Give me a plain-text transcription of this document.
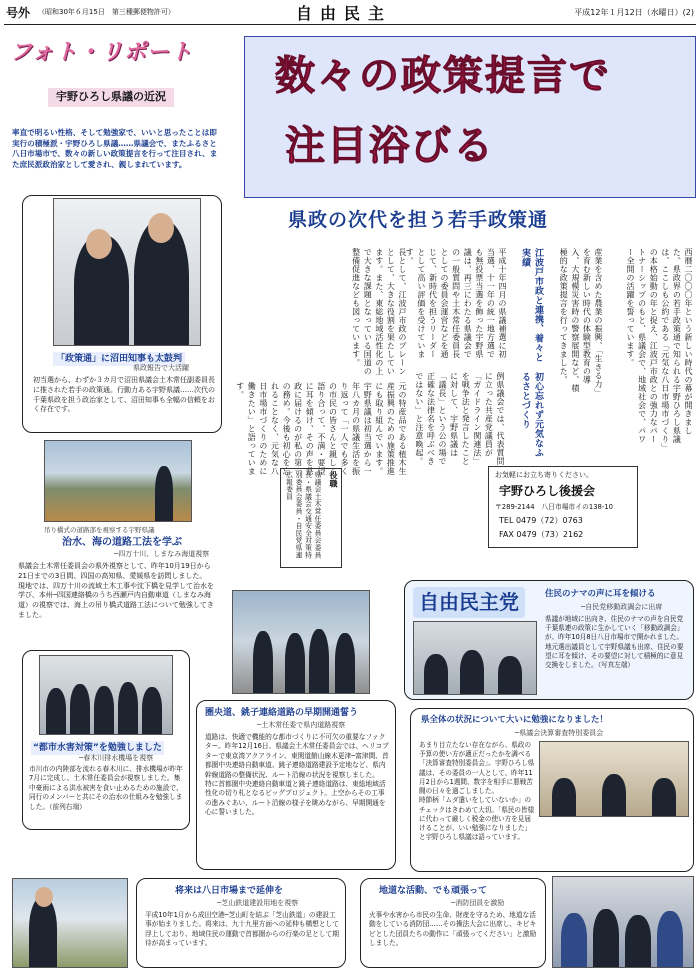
号外 （昭和30年６月15日　第三種郵便物許可）	自由民主	平成12年１月12日（水曜日）(2)
フォト・リポート
宇野ひろし県議の近況
率直で明るい性格、そして勉強家で、いいと思ったことは即実行の積極派・宇野ひろし県議……県議会で、またふるさと八日市場市で、数々の新しい政策提言を行って注目され、また庶民派政治家として愛され、親しまれています。
「政策通」に沼田知事も太鼓判
県政報告で大活躍
初当選から、わずか３カ月で沼田県議会土木常任副委員長に推された若手の政策通。行動力ある宇野県議……次代の千葉県政を担う政治家として、沼田知事も全幅の信頼をおく存在です。
吊り橋式の道路部を視察する宇野県議
治水、海の道路工法を学ぶ
─四万十川、しまなみ海道視察
県議会土木常任委員会の県外視察として、昨年10月19日から21日までの3日間、四国の高知県、愛媛県を訪問しました。
現地では、四万十川の流域土木工事や沈下橋を見学して治水を学び、本州─四国連絡橋のうち西瀬戸内自動車道（しまなみ海道）の視察では、海上の吊り橋式道路工法について勉強してきました。
“都市水害対策”を勉強しました
─春木川排水機場を視察
市川市の内陸部を流れる春木川に、排水機場が昨年7月に完成し、土木常任委員会が視察しました。集中豪雨による洪水被害を食い止めるための施設で、同行のメンバーと共にその治水の仕組みを勉強しました。（前列右端）
数々の政策提言で
注目浴びる
県政の次代を担う若手政策通
西暦二〇〇〇年という新しい時代の幕が開きました。県政界の若手政策通で知られる宇野ひろし県議は、ここしも公約である「元気な八日市場市づくり」の本格始動の年と捉え、江波戸市政との強力なパートナーシップのもと、県議会で、地域社会で、パワー全開の活躍を誓っています。
産業を含めた農業の振興、「生きる力」を育む新しい時代の体験型教育の導入、大規模災害時の警察展開など、積極的な政策提言を行ってきました。
江波戸市政と連携、着々と実績
平成十年四月の県議補選に初当選、十一年の統一地方選でも無投票当選を飾った宇野県議は、再三にわたる県議会での一般質問や土木常任委員長としての委員会運営などを通じて、新時代を担うリーダーとして高い評価を受けています。
初心忘れず元気なふるさとづくり
例県議会では、代表質問に立った共産党議員が「ガイドライン関連法」を戦争法と発言したことに対して、宇野県議は「議長」という公の場で正確な法律名を呼ぶべきではない」と注意喚起。
長として、江波戸市政のブレーンとして、大きな役割を果たしています。また、東総地域活性化の上で大きな課題となっている国道の整備促進なども図っています。
元の特産品である植木生産振興のための施策推進にも取り組んでいます。宇野県議は初当選から一年八カ月の県議生活を振り返って「一人でも多くの市民の皆さんと親しく語り合って、不満・要望に耳を傾け、その声を県政に届けるのが私の第一の務め。今後も初心を忘れることなく、元気な八日市場市づくりのために働きたい」と語っています。
役職
県議会土木常任委員会委員長・県議会交通安全対策特別委員会委員・自民党県連広報委員	お気軽にお立ち寄りください。
宇野ひろし後援会
〒289-2144　八日市場市イの138-10
TEL 0479（72）0763
FAX 0479（73）2162
圏央道、銚子連絡道路の早期開通誓う
─土木常任委で県内道路視察
道路は、快適で機能的な都市づくりに不可欠の重要なファクター。昨年12月16日、県議会土木常任委員会では、ヘリコプターで東京湾アクアライン、東関道館山線木更津─富津間、首都圏中央連絡自動車道、銚子連絡道路建設予定地など、県内幹線道路の整備状況、ルート沿線の状況を視察しました。
特に首都圏中央連絡自動車道と銚子連絡道路は、東総地域活性化の切り札となるビッグプロジェクト。上空からその工事の進みぐあい、ルート沿線の様子を眺めながら、早期開通を心に誓いました。
自由民主党	住民のナマの声に耳を傾ける
─自民党移動政調会に出席
県議が地域に出向き、住民のナマの声を自民党千葉県連の政策に生かしていく「移動政調会」が、昨年10月8日八日市場市で開かれました。
地元選出議員として宇野県議も出席、住民の要望に耳を傾け、その要望に対して積極的に意見交換をしました。（写真左端）
県全体の状況について大いに勉強になりました！
─県議会決算審査特別委員会
あまり目立たない存在ながら、県政の予算の使い方が適正だったかを調べる「決算審査特別委員会」。宇野ひろし県議は、その委員の一人として、昨年11月2日から1週間、数字を相手に悪戦苦闘の日々を過ごしました。
時節柄「ムダ遣いをしていないか」のチェックはきわめて大切。「県民の皆様に代わって厳しく税金の使い方を見届けることが、いい勉強になりました」と宇野ひろし県議は語っています。
将来は八日市場まで延伸を
─芝山鉄道建設用地を視察
平成10年1月から成田空港─芝山町を結ぶ「芝山鉄道」の建設工事が始まりました。将来は、九十九里方面への延伸も構想として浮上しており、地域住民の運動で首都圏からの行楽の足として期待が高まっています。
地道な活動、でも頑張って
─消防団員を激励
火事や水害から市民の生命、財産を守るため、地道な活動をしている消防団……その操法大会に出席し、キビキビとした団員たちの動作に「頑張ってください」と激励しました。
